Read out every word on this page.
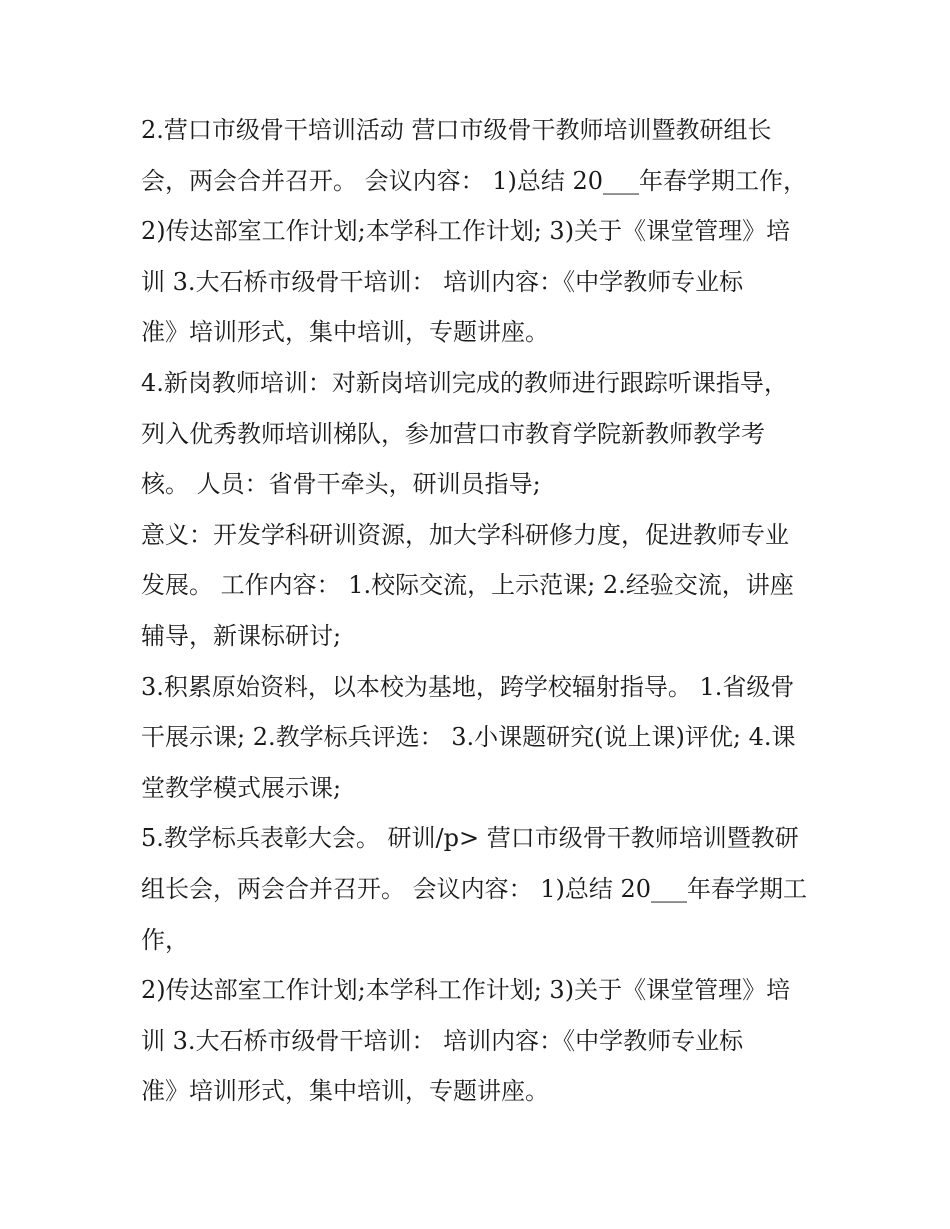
2.营口市级骨干培训活动 营口市级骨干教师培训暨教研组长
会，两会合并召开。 会议内容： 1)总结 20___年春学期工作，
2)传达部室工作计划;本学科工作计划; 3)关于《课堂管理》培
训 3.大石桥市级骨干培训： 培训内容：《中学教师专业标
准》培训形式，集中培训，专题讲座。
4.新岗教师培训：对新岗培训完成的教师进行跟踪听课指导，
列入优秀教师培训梯队，参加营口市教育学院新教师教学考
核。 人员：省骨干牵头，研训员指导;
意义：开发学科研训资源，加大学科研修力度，促进教师专业
发展。 工作内容： 1.校际交流，上示范课; 2.经验交流，讲座
辅导，新课标研讨;
3.积累原始资料，以本校为基地，跨学校辐射指导。 1.省级骨
干展示课; 2.教学标兵评选： 3.小课题研究(说上课)评优; 4.课
堂教学模式展示课;
5.教学标兵表彰大会。 研训/p> 营口市级骨干教师培训暨教研
组长会，两会合并召开。 会议内容： 1)总结 20___年春学期工
作，
2)传达部室工作计划;本学科工作计划; 3)关于《课堂管理》培
训 3.大石桥市级骨干培训： 培训内容：《中学教师专业标
准》培训形式，集中培训，专题讲座。
